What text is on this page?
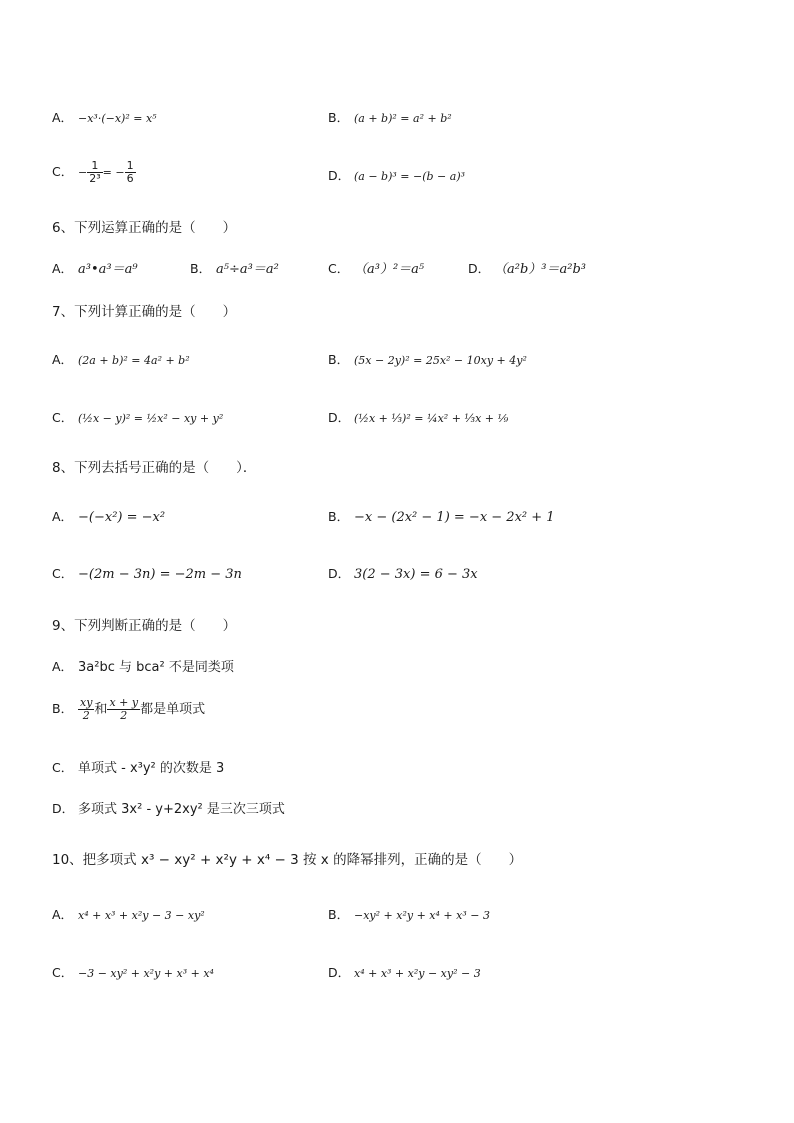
A． −x³·(−x)² = x⁵	B． (a + b)² = a² + b²
C． − $\frac{1}{\text{2³}}$ = − $\frac{1}{6}$	D． (a − b)³ = −(b − a)³
6、下列运算正确的是（　　）
A． a³•a³＝a⁹	B． a⁵÷a³＝a²	C． （a³）²＝a⁵	D． （a²b）³＝a²b³
7、下列计算正确的是（　　）
A． (2a + b)² = 4a² + b²	B． (5x − 2y)² = 25x² − 10xy + 4y²
C． (½x − y)² = ½x² − xy + y²	D． (½x + ⅓)² = ¼x² + ⅓x + ⅑
8、下列去括号正确的是（　　）．
A． −(−x²) = −x²	B． −x − (2x² − 1) = −x − 2x² + 1
C． −(2m − 3n) = −2m − 3n	D． 3(2 − 3x) = 6 − 3x
9、下列判断正确的是（　　）
A． 3a²bc 与 bca² 不是同类项
B． $\frac{xy}{2}$ 和 $\frac{x + y}{2}$ 都是单项式
C． 单项式 - x³y² 的次数是 3
D． 多项式 3x² - y+2xy² 是三次三项式
10、把多项式 x³ − xy² + x²y + x⁴ − 3 按 x 的降幂排列，正确的是（　　）
A． x⁴ + x³ + x²y − 3 − xy²	B． −xy² + x²y + x⁴ + x³ − 3
C． −3 − xy² + x²y + x³ + x⁴	D． x⁴ + x³ + x²y − xy² − 3
